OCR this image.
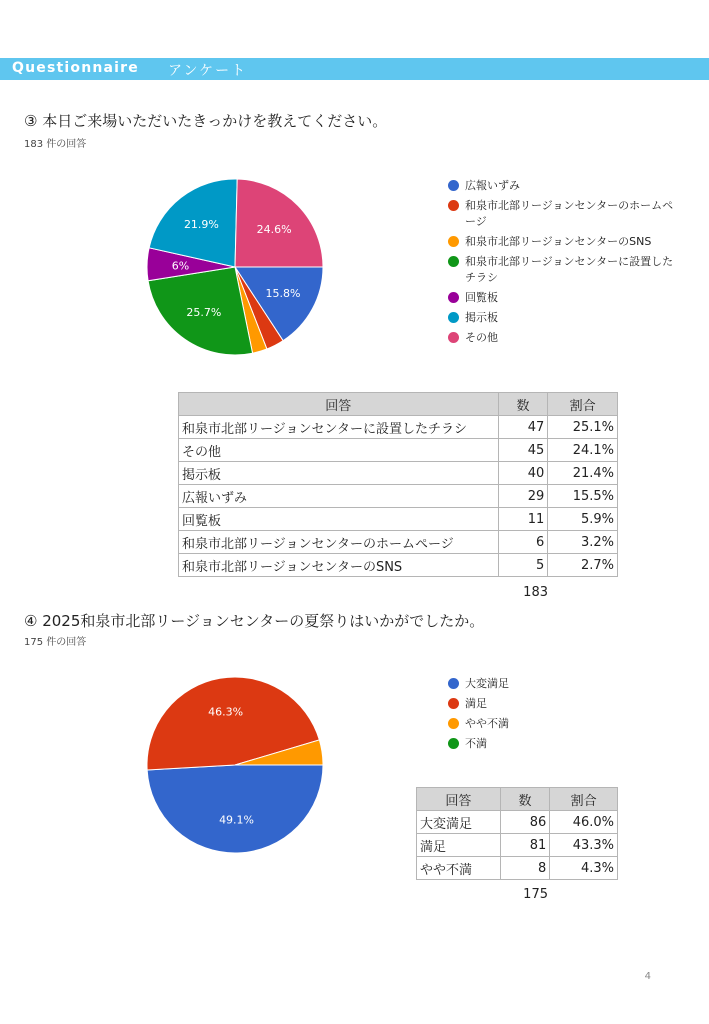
Questionnaire アンケート
③ 本日ご来場いただいたきっかけを教えてください。
183 件の回答
15.8%
25.7%
6%
21.9%	24.6%
広報いずみ
和泉市北部リージョンセンターのホームページ
和泉市北部リージョンセンターのSNS
和泉市北部リージョンセンターに設置したチラシ
回覧板
掲示板
その他
回答	数	割合
和泉市北部リージョンセンターに設置したチラシ	47	25.1%
その他	45	24.1%
掲示板	40	21.4%
広報いずみ	29	15.5%
回覧板	11	5.9%
和泉市北部リージョンセンターのホームページ	6	3.2%
和泉市北部リージョンセンターのSNS	5	2.7%
183
④ 2025和泉市北部リージョンセンターの夏祭りはいかがでしたか。
175 件の回答
49.1%
46.3%
大変満足
満足
やや不満
不満
回答	数	割合
大変満足	86	46.0%
満足	81	43.3%
やや不満	8	4.3%
175
4
